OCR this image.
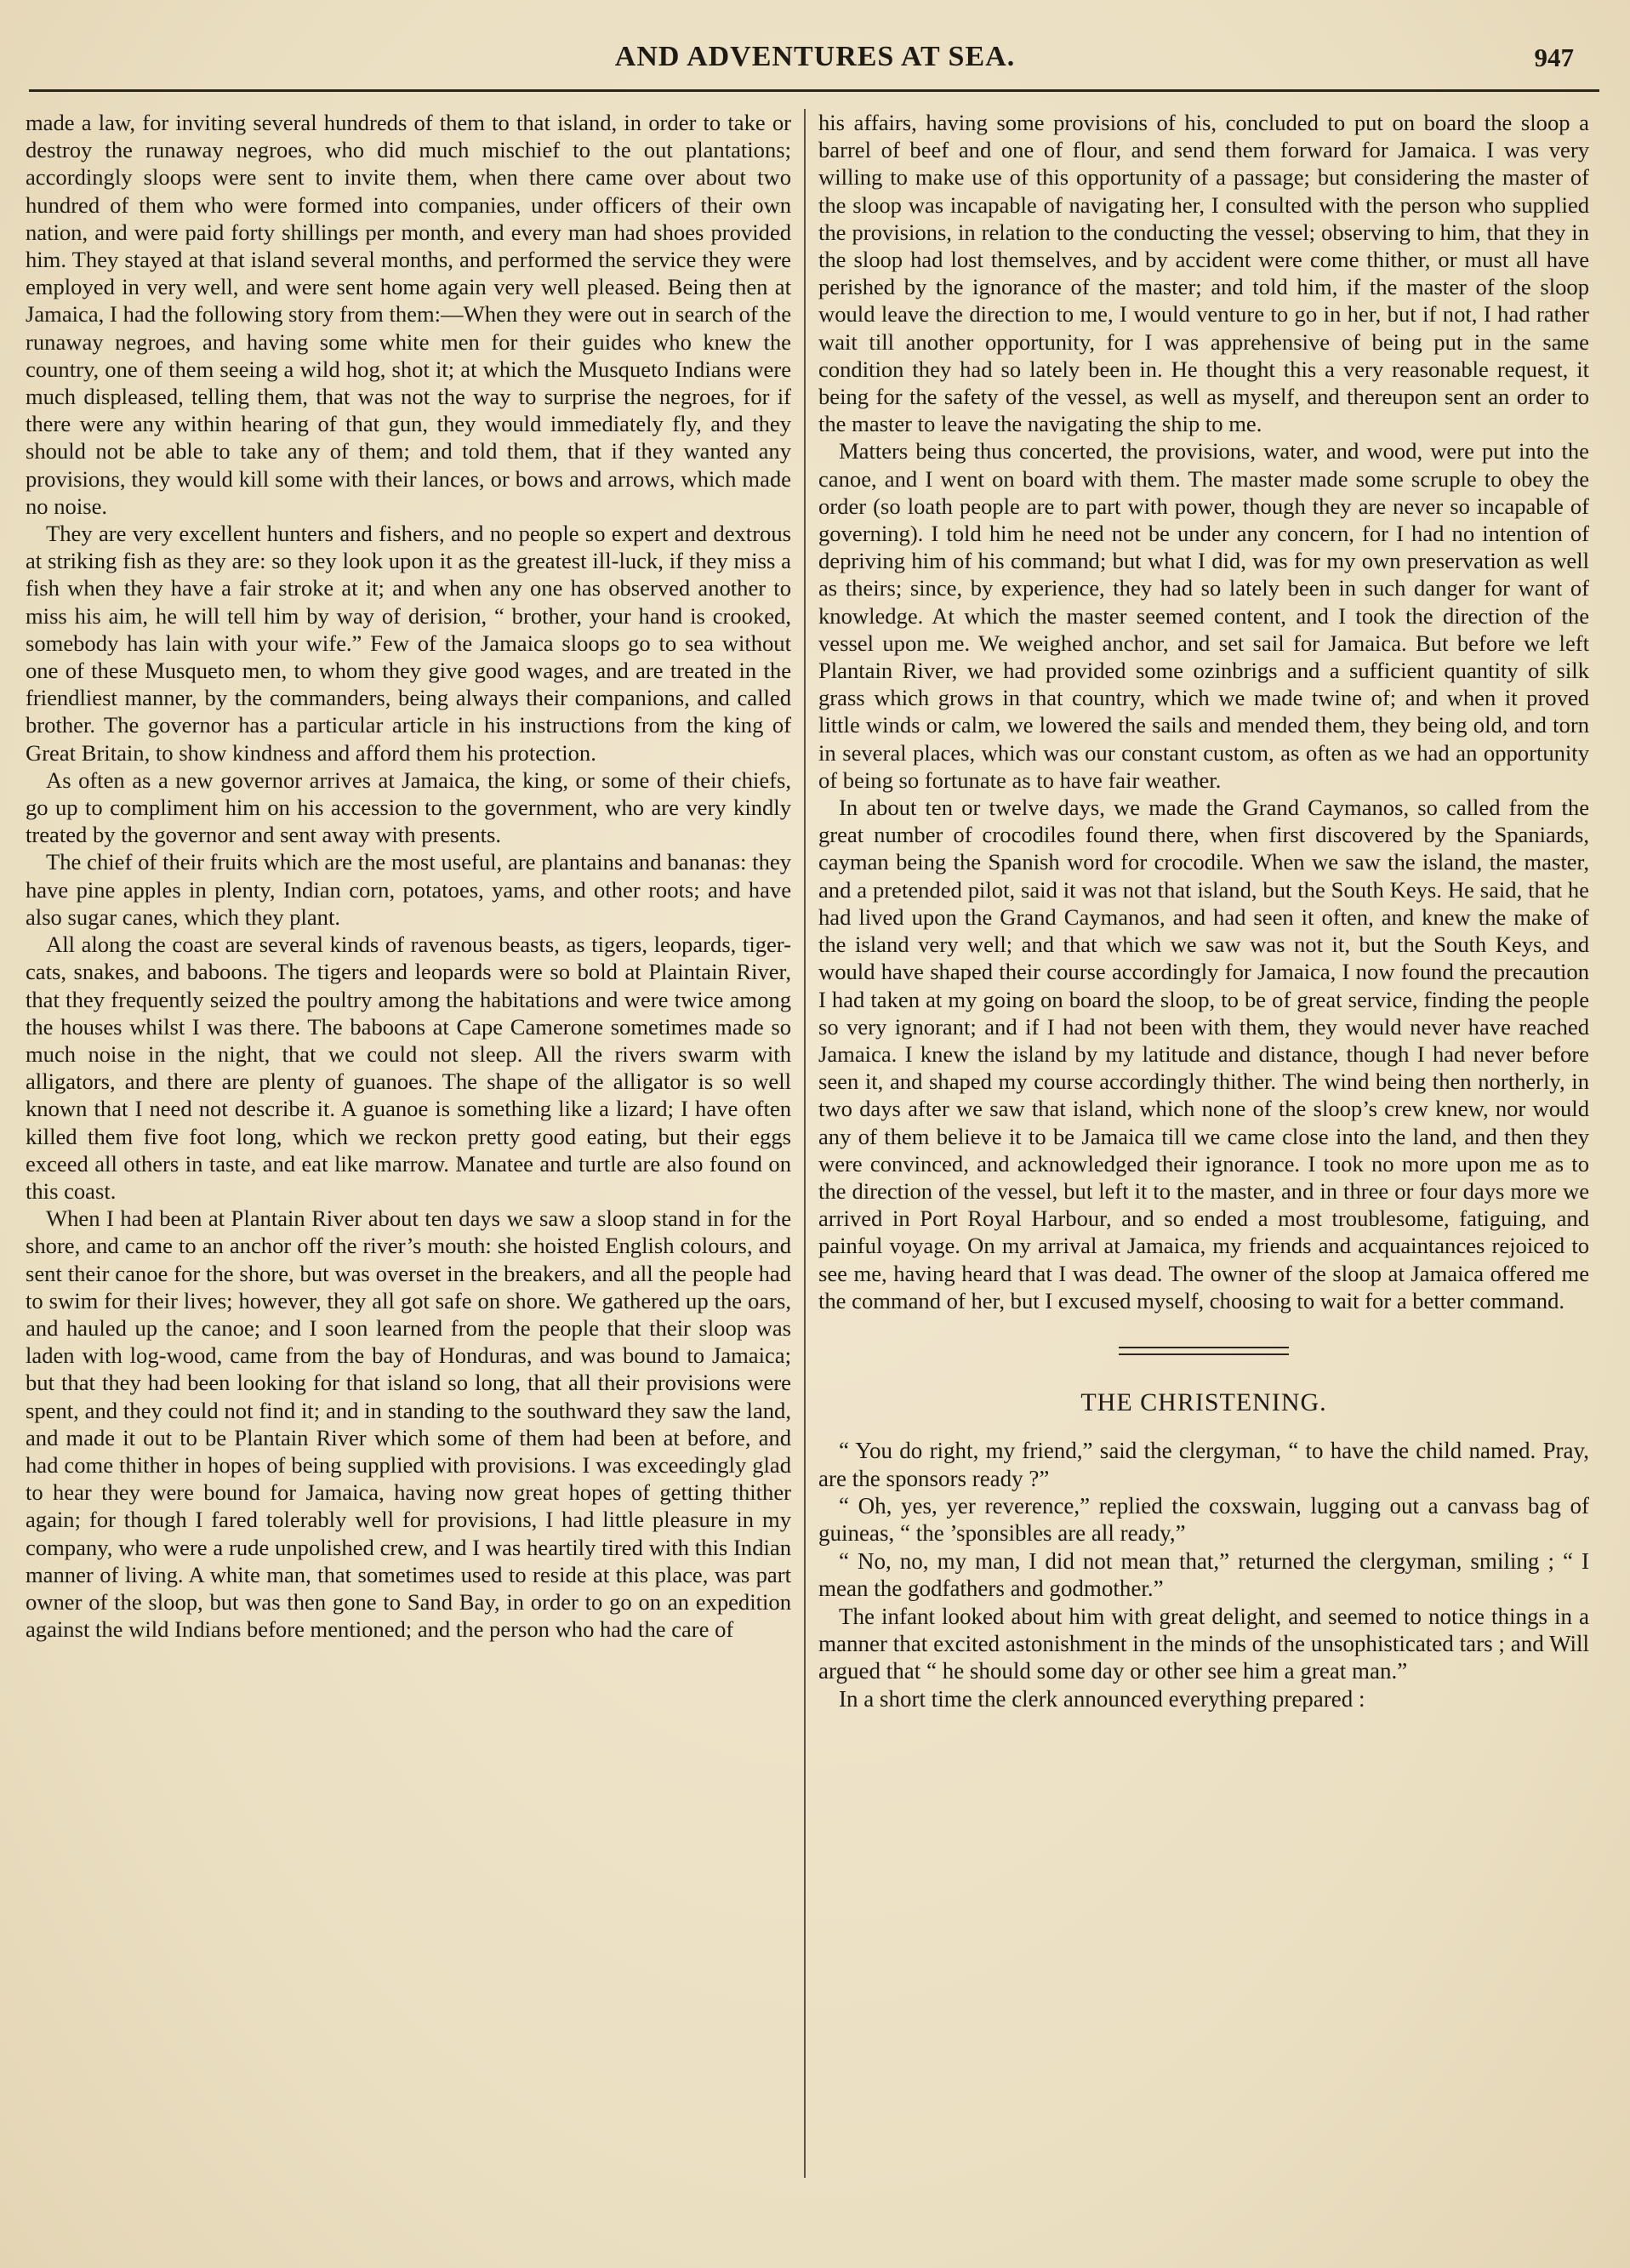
AND ADVENTURES AT SEA.	947

made a law, for inviting several hundreds of them to that island, in order to take or destroy the runaway negroes, who did much mischief to the out plantations; accordingly sloops were sent to invite them, when there came over about two hundred of them who were formed into companies, under officers of their own nation, and were paid forty shillings per month, and every man had shoes provided him. They stayed at that island several months, and performed the service they were employed in very well, and were sent home again very well pleased. Being then at Jamaica, I had the following story from them:—When they were out in search of the runaway negroes, and having some white men for their guides who knew the country, one of them seeing a wild hog, shot it; at which the Musqueto Indians were much displeased, telling them, that was not the way to surprise the negroes, for if there were any within hearing of that gun, they would immediately fly, and they should not be able to take any of them; and told them, that if they wanted any provisions, they would kill some with their lances, or bows and arrows, which made no noise.

They are very excellent hunters and fishers, and no people so expert and dextrous at striking fish as they are: so they look upon it as the greatest ill-luck, if they miss a fish when they have a fair stroke at it; and when any one has observed another to miss his aim, he will tell him by way of derision, “ brother, your hand is crooked, somebody has lain with your wife.” Few of the Jamaica sloops go to sea without one of these Musqueto men, to whom they give good wages, and are treated in the friendliest manner, by the commanders, being always their companions, and called brother. The governor has a particular article in his instructions from the king of Great Britain, to show kindness and afford them his protection.

As often as a new governor arrives at Jamaica, the king, or some of their chiefs, go up to compliment him on his accession to the government, who are very kindly treated by the governor and sent away with presents.

The chief of their fruits which are the most useful, are plantains and bananas: they have pine apples in plenty, Indian corn, potatoes, yams, and other roots; and have also sugar canes, which they plant.

All along the coast are several kinds of ravenous beasts, as tigers, leopards, tiger-cats, snakes, and baboons. The tigers and leopards were so bold at Plaintain River, that they frequently seized the poultry among the habitations and were twice among the houses whilst I was there. The baboons at Cape Camerone sometimes made so much noise in the night, that we could not sleep. All the rivers swarm with alligators, and there are plenty of guanoes. The shape of the alligator is so well known that I need not describe it. A guanoe is something like a lizard; I have often killed them five foot long, which we reckon pretty good eating, but their eggs exceed all others in taste, and eat like marrow. Manatee and turtle are also found on this coast.

When I had been at Plantain River about ten days we saw a sloop stand in for the shore, and came to an anchor off the river’s mouth: she hoisted English colours, and sent their canoe for the shore, but was overset in the breakers, and all the people had to swim for their lives; however, they all got safe on shore. We gathered up the oars, and hauled up the canoe; and I soon learned from the people that their sloop was laden with log-wood, came from the bay of Honduras, and was bound to Jamaica; but that they had been looking for that island so long, that all their provisions were spent, and they could not find it; and in standing to the southward they saw the land, and made it out to be Plantain River which some of them had been at before, and had come thither in hopes of being supplied with provisions. I was exceedingly glad to hear they were bound for Jamaica, having now great hopes of getting thither again; for though I fared tolerably well for provisions, I had little pleasure in my company, who were a rude unpolished crew, and I was heartily tired with this Indian manner of living. A white man, that sometimes used to reside at this place, was part owner of the sloop, but was then gone to Sand Bay, in order to go on an expedition against the wild Indians before mentioned; and the person who had the care of

his affairs, having some provisions of his, concluded to put on board the sloop a barrel of beef and one of flour, and send them forward for Jamaica. I was very willing to make use of this opportunity of a passage; but considering the master of the sloop was incapable of navigating her, I consulted with the person who supplied the provisions, in relation to the conducting the vessel; observing to him, that they in the sloop had lost themselves, and by accident were come thither, or must all have perished by the ignorance of the master; and told him, if the master of the sloop would leave the direction to me, I would venture to go in her, but if not, I had rather wait till another opportunity, for I was apprehensive of being put in the same condition they had so lately been in. He thought this a very reasonable request, it being for the safety of the vessel, as well as myself, and thereupon sent an order to the master to leave the navigating the ship to me.

Matters being thus concerted, the provisions, water, and wood, were put into the canoe, and I went on board with them. The master made some scruple to obey the order (so loath people are to part with power, though they are never so incapable of governing). I told him he need not be under any concern, for I had no intention of depriving him of his command; but what I did, was for my own preservation as well as theirs; since, by experience, they had so lately been in such danger for want of knowledge. At which the master seemed content, and I took the direction of the vessel upon me. We weighed anchor, and set sail for Jamaica. But before we left Plantain River, we had provided some ozinbrigs and a sufficient quantity of silk grass which grows in that country, which we made twine of; and when it proved little winds or calm, we lowered the sails and mended them, they being old, and torn in several places, which was our constant custom, as often as we had an opportunity of being so fortunate as to have fair weather.

In about ten or twelve days, we made the Grand Caymanos, so called from the great number of crocodiles found there, when first discovered by the Spaniards, cayman being the Spanish word for crocodile. When we saw the island, the master, and a pretended pilot, said it was not that island, but the South Keys. He said, that he had lived upon the Grand Caymanos, and had seen it often, and knew the make of the island very well; and that which we saw was not it, but the South Keys, and would have shaped their course accordingly for Jamaica, I now found the precaution I had taken at my going on board the sloop, to be of great service, finding the people so very ignorant; and if I had not been with them, they would never have reached Jamaica. I knew the island by my latitude and distance, though I had never before seen it, and shaped my course accordingly thither. The wind being then northerly, in two days after we saw that island, which none of the sloop’s crew knew, nor would any of them believe it to be Jamaica till we came close into the land, and then they were convinced, and acknowledged their ignorance. I took no more upon me as to the direction of the vessel, but left it to the master, and in three or four days more we arrived in Port Royal Harbour, and so ended a most troublesome, fatiguing, and painful voyage. On my arrival at Jamaica, my friends and acquaintances rejoiced to see me, having heard that I was dead. The owner of the sloop at Jamaica offered me the command of her, but I excused myself, choosing to wait for a better command.

THE CHRISTENING.

“ You do right, my friend,” said the clergyman, “ to have the child named. Pray, are the sponsors ready ?”

“ Oh, yes, yer reverence,” replied the coxswain, lugging out a canvass bag of guineas, “ the ’sponsibles are all ready,”

“ No, no, my man, I did not mean that,” returned the clergyman, smiling ; “ I mean the godfathers and godmother.”

The infant looked about him with great delight, and seemed to notice things in a manner that excited astonishment in the minds of the unsophisticated tars ; and Will argued that “ he should some day or other see him a great man.”

In a short time the clerk announced everything prepared :
